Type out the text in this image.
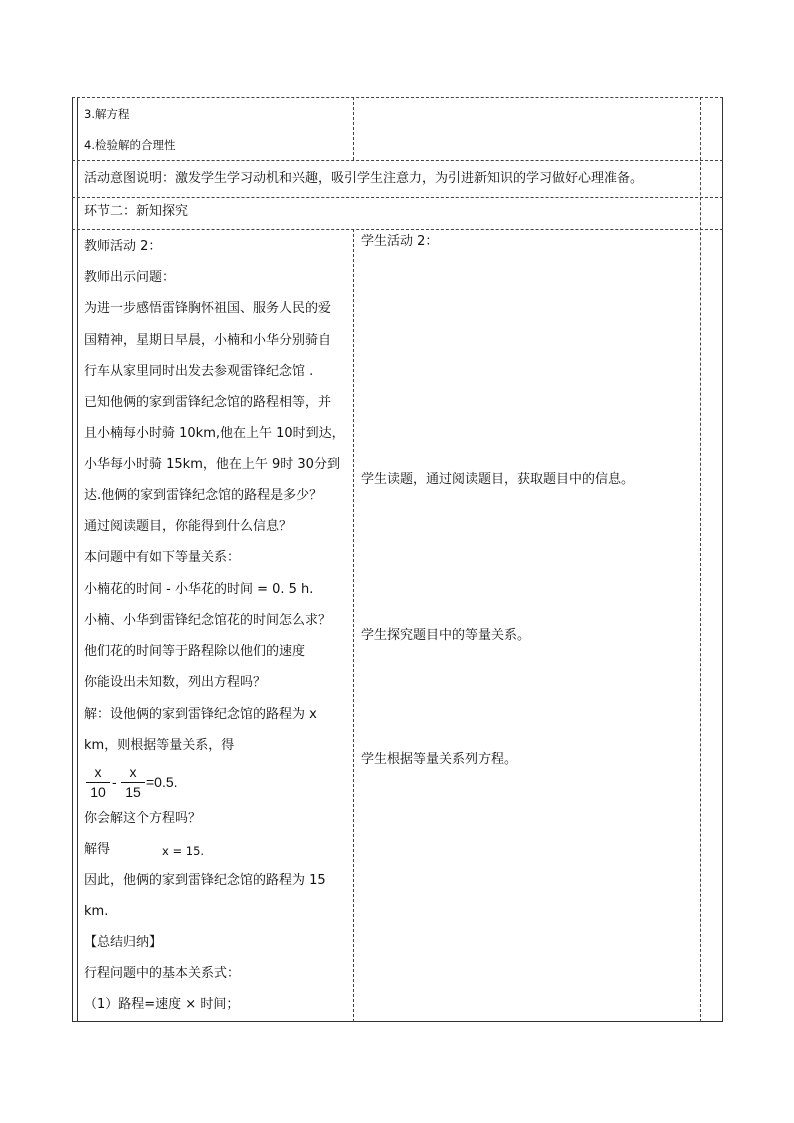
3.解方程
4.检验解的合理性
活动意图说明：激发学生学习动机和兴趣，吸引学生注意力，为引进新知识的学习做好心理准备。
环节二：新知探究
教师活动 2：
教师出示问题：
为进一步感悟雷锋胸怀祖国、服务人民的爱
国精神，星期日早晨，小楠和小华分别骑自
行车从家里同时出发去参观雷锋纪念馆 .
已知他俩的家到雷锋纪念馆的路程相等，并
且小楠每小时骑 10km,他在上午 10时到达，
小华每小时骑 15km，他在上午 9时 30分到
达.他俩的家到雷锋纪念馆的路程是多少？
通过阅读题目，你能得到什么信息？
本问题中有如下等量关系：
小楠花的时间 - 小华花的时间 = 0. 5 h.
小楠、小华到雷锋纪念馆花的时间怎么求？
他们花的时间等于路程除以他们的速度
你能设出未知数，列出方程吗？
解：设他俩的家到雷锋纪念馆的路程为 x
km，则根据等量关系，得
x
10
-
x
15
=0.5.
你会解这个方程吗？
解得	x = 15.
因此，他俩的家到雷锋纪念馆的路程为 15
km.
【总结归纳】
行程问题中的基本关系式：
（1）路程=速度 × 时间；
学生活动 2：
学生读题，通过阅读题目，获取题目中的信息。
学生探究题目中的等量关系。
学生根据等量关系列方程。
